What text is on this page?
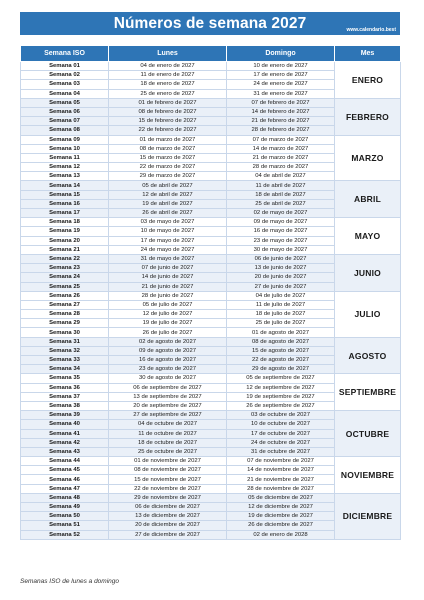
Números de semana 2027	www.calendario.best
Semana ISO	Lunes	Domingo	Mes
Semana 01	04 de enero de 2027	10 de enero de 2027	ENERO
Semana 02	11 de enero de 2027	17 de enero de 2027	
Semana 03	18 de enero de 2027	24 de enero de 2027	
Semana 04	25 de enero de 2027	31 de enero de 2027	
Semana 05	01 de febrero de 2027	07 de febrero de 2027	FEBRERO
Semana 06	08 de febrero de 2027	14 de febrero de 2027	
Semana 07	15 de febrero de 2027	21 de febrero de 2027	
Semana 08	22 de febrero de 2027	28 de febrero de 2027	
Semana 09	01 de marzo de 2027	07 de marzo de 2027	MARZO
Semana 10	08 de marzo de 2027	14 de marzo de 2027	
Semana 11	15 de marzo de 2027	21 de marzo de 2027	
Semana 12	22 de marzo de 2027	28 de marzo de 2027	
Semana 13	29 de marzo de 2027	04 de abril de 2027	
Semana 14	05 de abril de 2027	11 de abril de 2027	ABRIL
Semana 15	12 de abril de 2027	18 de abril de 2027	
Semana 16	19 de abril de 2027	25 de abril de 2027	
Semana 17	26 de abril de 2027	02 de mayo de 2027	
Semana 18	03 de mayo de 2027	09 de mayo de 2027	MAYO
Semana 19	10 de mayo de 2027	16 de mayo de 2027	
Semana 20	17 de mayo de 2027	23 de mayo de 2027	
Semana 21	24 de mayo de 2027	30 de mayo de 2027	
Semana 22	31 de mayo de 2027	06 de junio de 2027	JUNIO
Semana 23	07 de junio de 2027	13 de junio de 2027	
Semana 24	14 de junio de 2027	20 de junio de 2027	
Semana 25	21 de junio de 2027	27 de junio de 2027	
Semana 26	28 de junio de 2027	04 de julio de 2027	JULIO
Semana 27	05 de julio de 2027	11 de julio de 2027	
Semana 28	12 de julio de 2027	18 de julio de 2027	
Semana 29	19 de julio de 2027	25 de julio de 2027	
Semana 30	26 de julio de 2027	01 de agosto de 2027	
Semana 31	02 de agosto de 2027	08 de agosto de 2027	AGOSTO
Semana 32	09 de agosto de 2027	15 de agosto de 2027	
Semana 33	16 de agosto de 2027	22 de agosto de 2027	
Semana 34	23 de agosto de 2027	29 de agosto de 2027	
Semana 35	30 de agosto de 2027	05 de septiembre de 2027	SEPTIEMBRE
Semana 36	06 de septiembre de 2027	12 de septiembre de 2027	
Semana 37	13 de septiembre de 2027	19 de septiembre de 2027	
Semana 38	20 de septiembre de 2027	26 de septiembre de 2027	
Semana 39	27 de septiembre de 2027	03 de octubre de 2027	OCTUBRE
Semana 40	04 de octubre de 2027	10 de octubre de 2027	
Semana 41	11 de octubre de 2027	17 de octubre de 2027	
Semana 42	18 de octubre de 2027	24 de octubre de 2027	
Semana 43	25 de octubre de 2027	31 de octubre de 2027	
Semana 44	01 de noviembre de 2027	07 de noviembre de 2027	NOVIEMBRE
Semana 45	08 de noviembre de 2027	14 de noviembre de 2027	
Semana 46	15 de noviembre de 2027	21 de noviembre de 2027	
Semana 47	22 de noviembre de 2027	28 de noviembre de 2027	
Semana 48	29 de noviembre de 2027	05 de diciembre de 2027	DICIEMBRE
Semana 49	06 de diciembre de 2027	12 de diciembre de 2027	
Semana 50	13 de diciembre de 2027	19 de diciembre de 2027	
Semana 51	20 de diciembre de 2027	26 de diciembre de 2027	
Semana 52	27 de diciembre de 2027	02 de enero de 2028	
Semanas ISO de lunes a domingo
